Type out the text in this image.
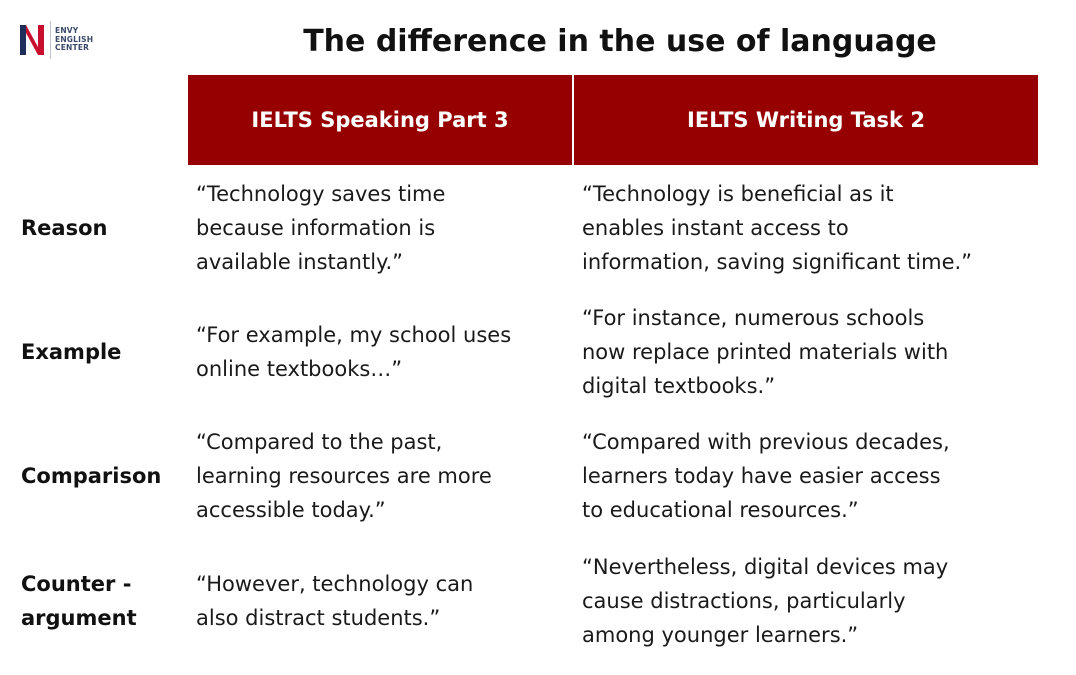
ENVY
ENGLISH
CENTER	The difference in the use of language
IELTS Speaking Part 3	IELTS Writing Task 2
Reason
“Technology saves time
because information is
available instantly.”
“Technology is beneficial as it
enables instant access to
information, saving significant time.”
Example
“For example, my school uses
online textbooks…”
“For instance, numerous schools
now replace printed materials with
digital textbooks.”
Comparison
“Compared to the past,
learning resources are more
accessible today.”
“Compared with previous decades,
learners today have easier access
to educational resources.”
Counter -
argument
“However, technology can
also distract students.”
“Nevertheless, digital devices may
cause distractions, particularly
among younger learners.”
